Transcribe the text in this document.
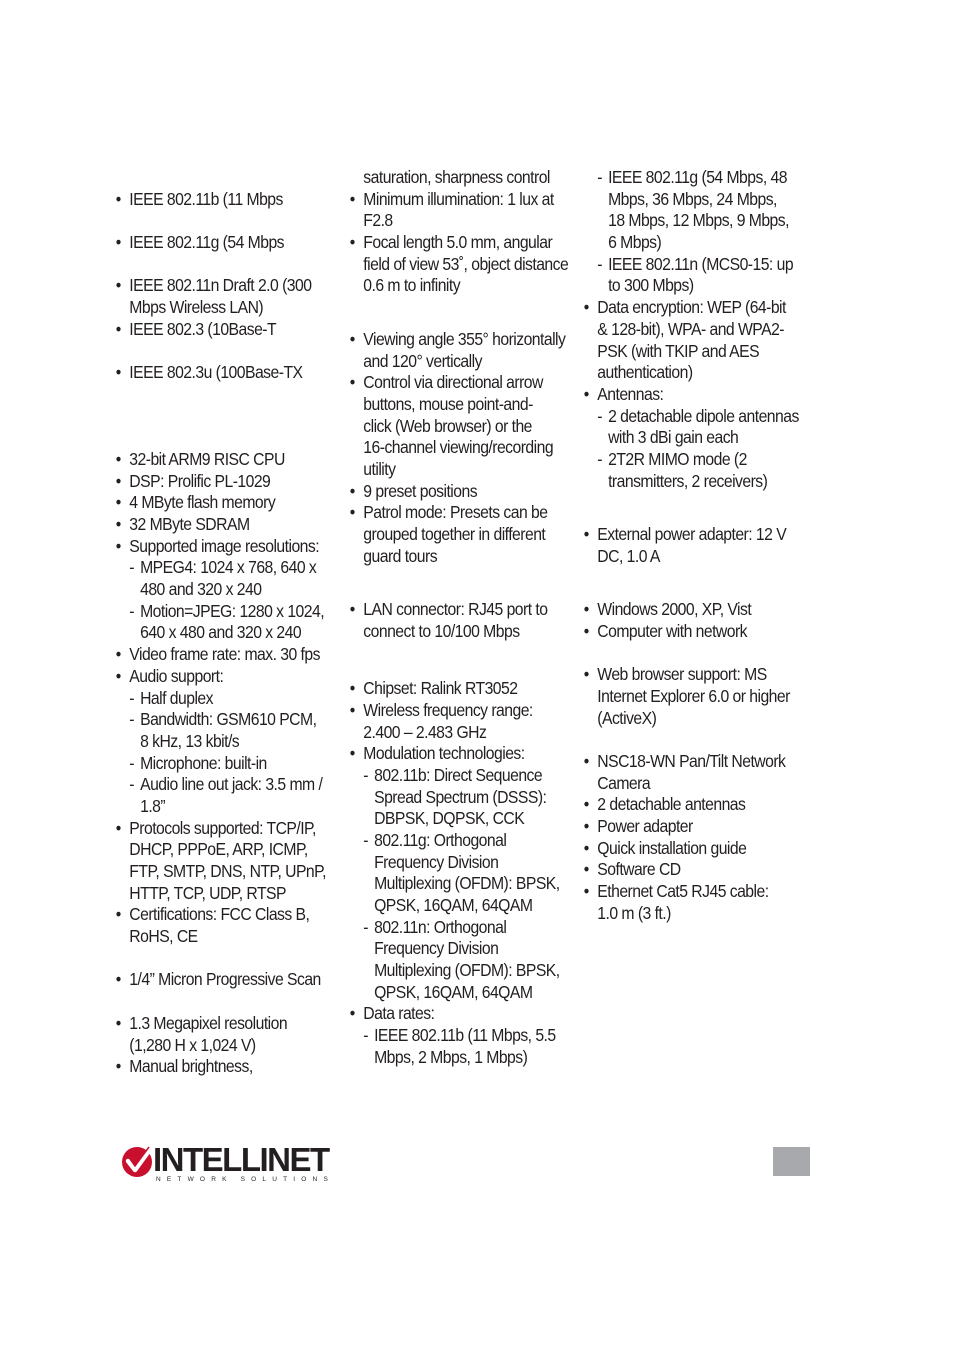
• IEEE 802.11b (11 Mbps
• IEEE 802.11g (54 Mbps
• IEEE 802.11n Draft 2.0 (300
Mbps Wireless LAN)
• IEEE 802.3 (10Base-T
• IEEE 802.3u (100Base-TX
• 32-bit ARM9 RISC CPU
• DSP: Prolific PL-1029
• 4 MByte flash memory
• 32 MByte SDRAM
• Supported image resolutions:
- MPEG4: 1024 x 768, 640 x
480 and 320 x 240
- Motion=JPEG: 1280 x 1024,
640 x 480 and 320 x 240
• Video frame rate: max. 30 fps
• Audio support:
- Half duplex
- Bandwidth: GSM610 PCM,
8 kHz, 13 kbit/s
- Microphone: built-in
- Audio line out jack: 3.5 mm /
1.8”
• Protocols supported: TCP/IP,
DHCP, PPPoE, ARP, ICMP,
FTP, SMTP, DNS, NTP, UPnP,
HTTP, TCP, UDP, RTSP
• Certifications: FCC Class B,
RoHS, CE
• 1/4” Micron Progressive Scan
• 1.3 Megapixel resolution
(1,280 H x 1,024 V)
• Manual brightness,
saturation, sharpness control
• Minimum illumination: 1 lux at
F2.8
• Focal length 5.0 mm, angular
field of view 53˚, object distance
0.6 m to infinity
• Viewing angle 355° horizontally
and 120° vertically
• Control via directional arrow
buttons, mouse point-and-
click (Web browser) or the
16-channel viewing/recording
utility
• 9 preset positions
• Patrol mode: Presets can be
grouped together in different
guard tours
• LAN connector: RJ45 port to
connect to 10/100 Mbps
• Chipset: Ralink RT3052
• Wireless frequency range:
2.400 – 2.483 GHz
• Modulation technologies:
- 802.11b: Direct Sequence
Spread Spectrum (DSSS):
DBPSK, DQPSK, CCK
- 802.11g: Orthogonal
Frequency Division
Multiplexing (OFDM): BPSK,
QPSK, 16QAM, 64QAM
- 802.11n: Orthogonal
Frequency Division
Multiplexing (OFDM): BPSK,
QPSK, 16QAM, 64QAM
• Data rates:
- IEEE 802.11b (11 Mbps, 5.5
Mbps, 2 Mbps, 1 Mbps)
- IEEE 802.11g (54 Mbps, 48
Mbps, 36 Mbps, 24 Mbps,
18 Mbps, 12 Mbps, 9 Mbps,
6 Mbps)
- IEEE 802.11n (MCS0-15: up
to 300 Mbps)
• Data encryption: WEP (64-bit
& 128-bit), WPA- and WPA2-
PSK (with TKIP and AES
authentication)
• Antennas:
- 2 detachable dipole antennas
with 3 dBi gain each
- 2T2R MIMO mode (2
transmitters, 2 receivers)
• External power adapter: 12 V
DC, 1.0 A
• Windows 2000, XP, Vist
• Computer with network
• Web browser support: MS
Internet Explorer 6.0 or higher
(ActiveX)
• NSC18-WN Pan/Tilt Network
Camera
• 2 detachable antennas
• Power adapter
• Quick installation guide
• Software CD
• Ethernet Cat5 RJ45 cable:
1.0 m (3 ft.)
INTELLINET
NETWORK SOLUTIONS
